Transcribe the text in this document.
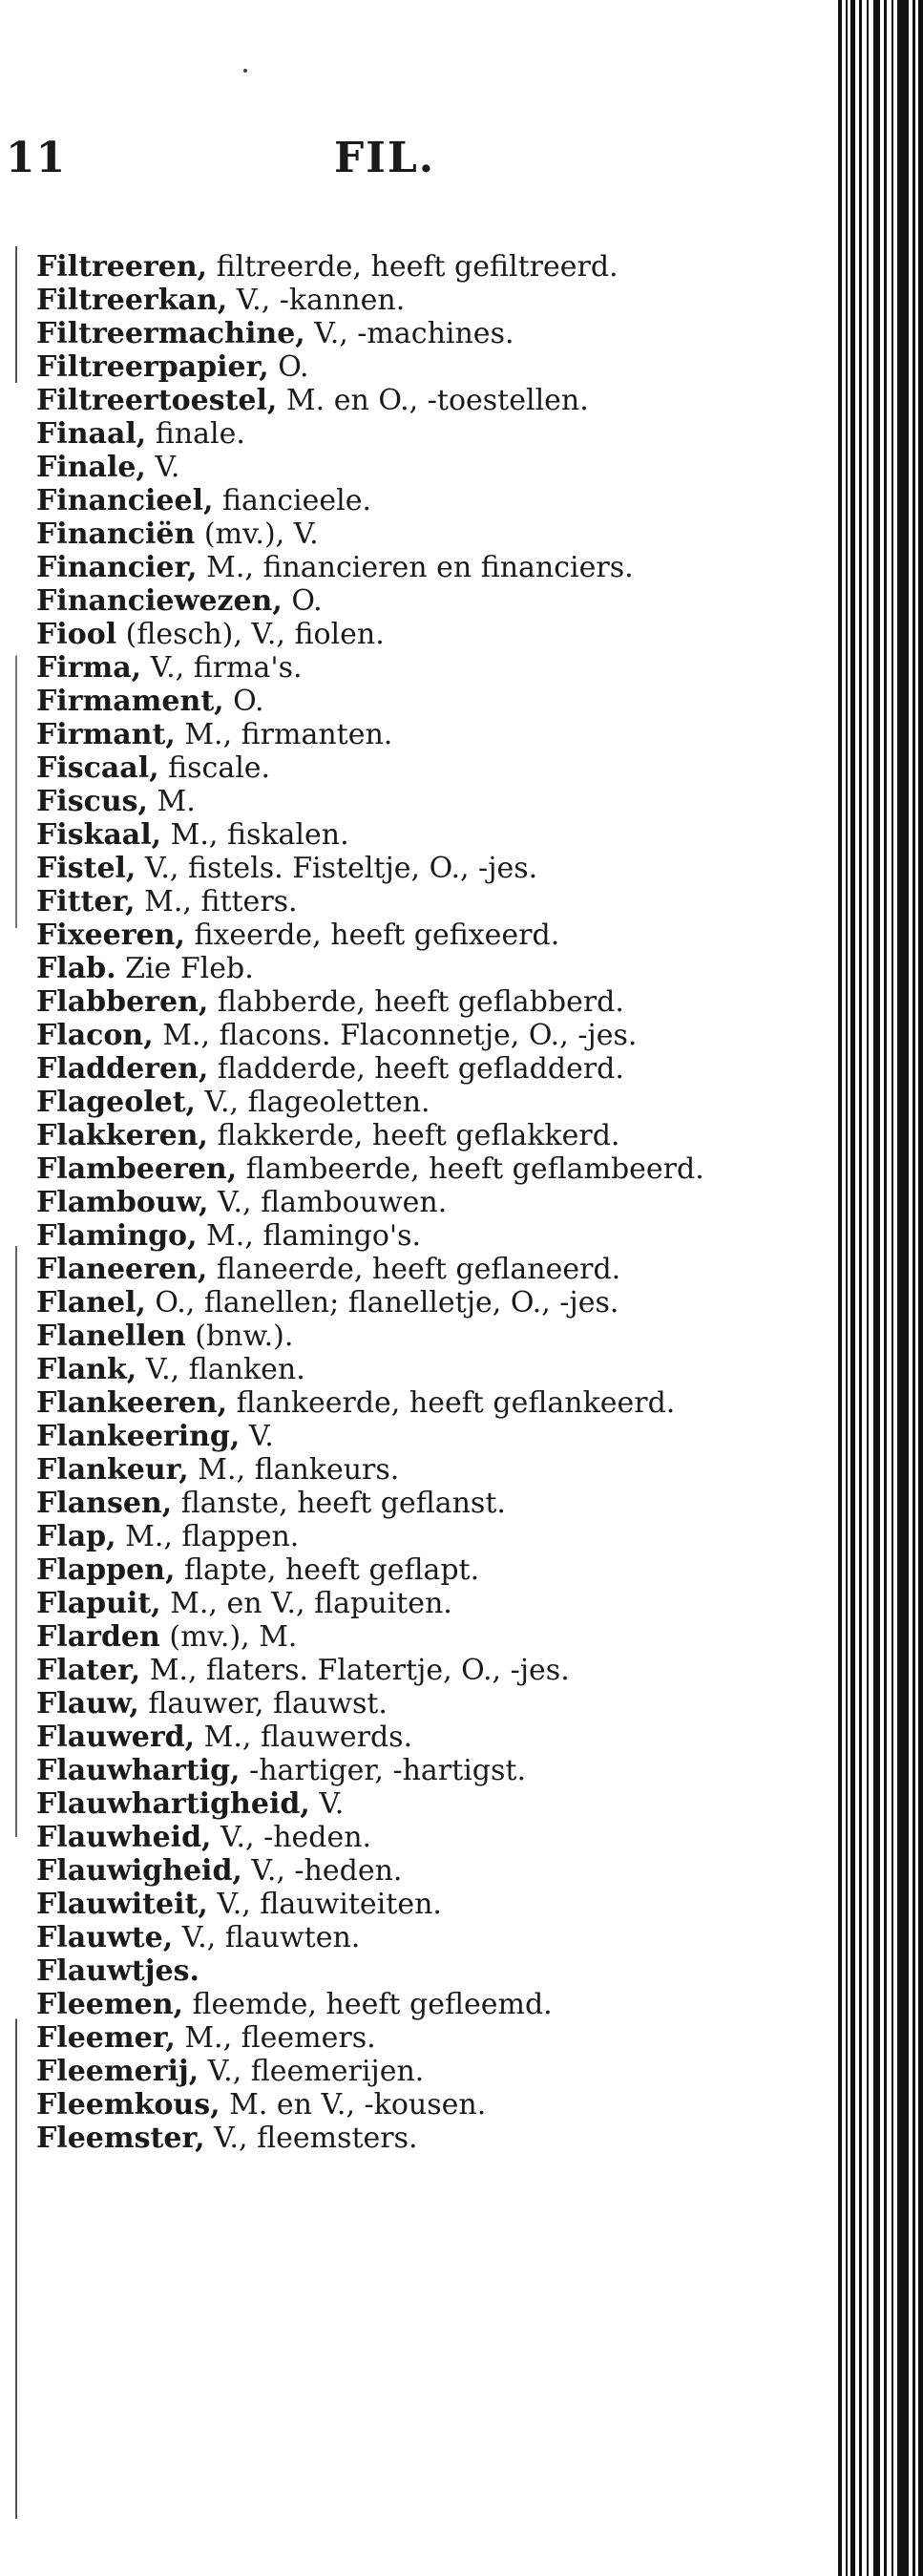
11	FIL.

Filtreeren, filtreerde, heeft gefiltreerd.

Filtreerkan, V., -kannen.

Filtreermachine, V., -machines.

Filtreerpapier, O.

Filtreertoestel, M. en O., -toestellen.

Finaal, finale.

Finale, V.

Financieel, fiancieele.

Financiën (mv.), V.

Financier, M., financieren en financiers.

Financiewezen, O.

Fiool (flesch), V., fiolen.

Firma, V., firma's.

Firmament, O.

Firmant, M., firmanten.

Fiscaal, fiscale.

Fiscus, M.

Fiskaal, M., fiskalen.

Fistel, V., fistels. Fisteltje, O., -jes.

Fitter, M., fitters.

Fixeeren, fixeerde, heeft gefixeerd.

Flab. Zie Fleb.

Flabberen, flabberde, heeft geflabberd.

Flacon, M., flacons. Flaconnetje, O., -jes.

Fladderen, fladderde, heeft gefladderd.

Flageolet, V., flageoletten.

Flakkeren, flakkerde, heeft geflakkerd.

Flambeeren, flambeerde, heeft geflambeerd.

Flambouw, V., flambouwen.

Flamingo, M., flamingo's.

Flaneeren, flaneerde, heeft geflaneerd.

Flanel, O., flanellen; flanelletje, O., -jes.

Flanellen (bnw.).

Flank, V., flanken.

Flankeeren, flankeerde, heeft geflankeerd.

Flankeering, V.

Flankeur, M., flankeurs.

Flansen, flanste, heeft geflanst.

Flap, M., flappen.

Flappen, flapte, heeft geflapt.

Flapuit, M., en V., flapuiten.

Flarden (mv.), M.

Flater, M., flaters. Flatertje, O., -jes.

Flauw, flauwer, flauwst.

Flauwerd, M., flauwerds.

Flauwhartig, -hartiger, -hartigst.

Flauwhartigheid, V.

Flauwheid, V., -heden.

Flauwigheid, V., -heden.

Flauwiteit, V., flauwiteiten.

Flauwte, V., flauwten.

Flauwtjes.

Fleemen, fleemde, heeft gefleemd.

Fleemer, M., fleemers.

Fleemerij, V., fleemerijen.

Fleemkous, M. en V., -kousen.

Fleemster, V., fleemsters.
